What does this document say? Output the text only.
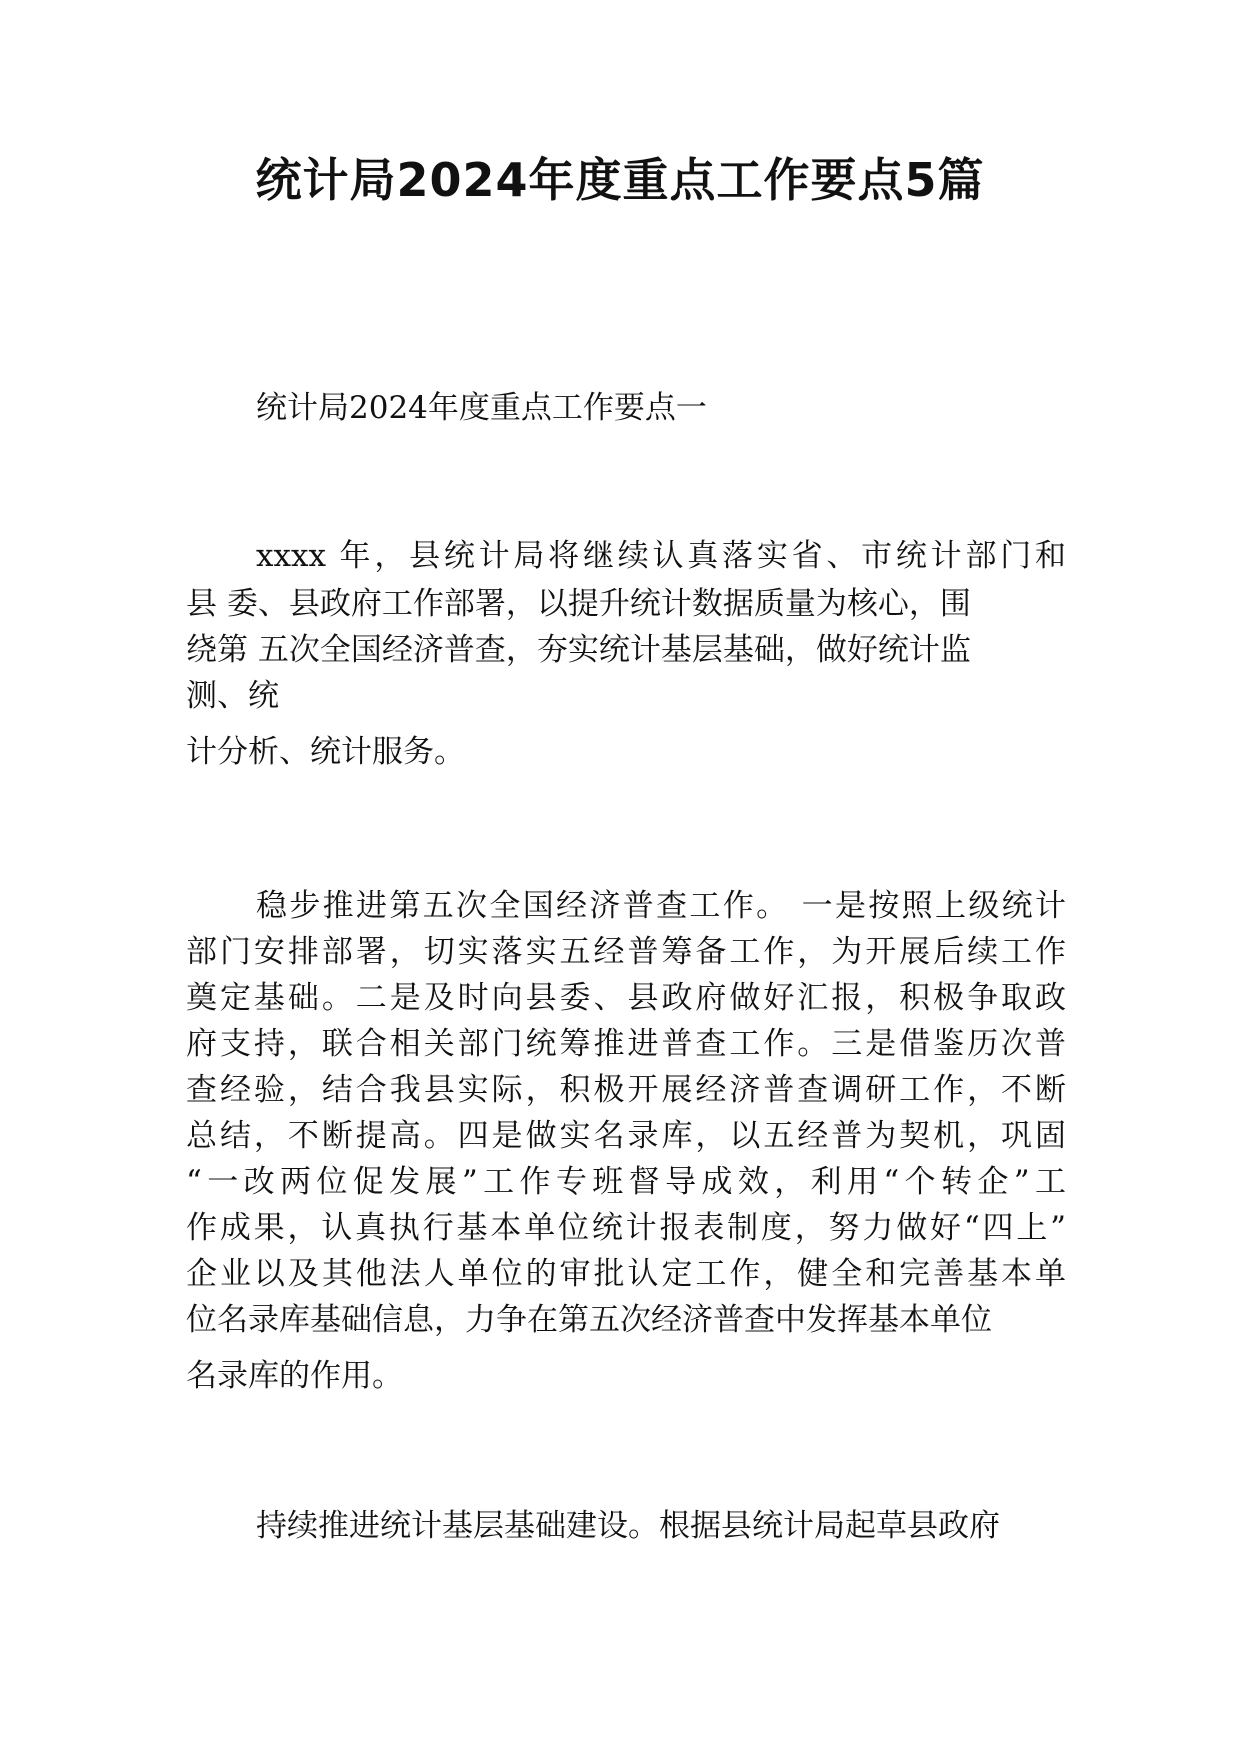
统计局2024年度重点工作要点5篇

统计局2024年度重点工作要点一

xxxx 年，县统计局将继续认真落实省、市统计部门和

县 委、县政府工作部署，以提升统计数据质量为核心，围

绕第 五次全国经济普查，夯实统计基层基础，做好统计监

测、统

计分析、统计服务。

稳步推进第五次全国经济普查工作。 一是按照上级统计

部门安排部署，切实落实五经普筹备工作，为开展后续工作

奠定基础。二是及时向县委、县政府做好汇报，积极争取政

府支持，联合相关部门统筹推进普查工作。三是借鉴历次普

查经验，结合我县实际，积极开展经济普查调研工作，不断

总结，不断提高。四是做实名录库，以五经普为契机，巩固

“一改两位促发展”工作专班督导成效，利用“个转企”工

作成果，认真执行基本单位统计报表制度，努力做好“四上”

企业以及其他法人单位的审批认定工作，健全和完善基本单

位名录库基础信息，力争在第五次经济普查中发挥基本单位

名录库的作用。

持续推进统计基层基础建设。根据县统计局起草县政府
